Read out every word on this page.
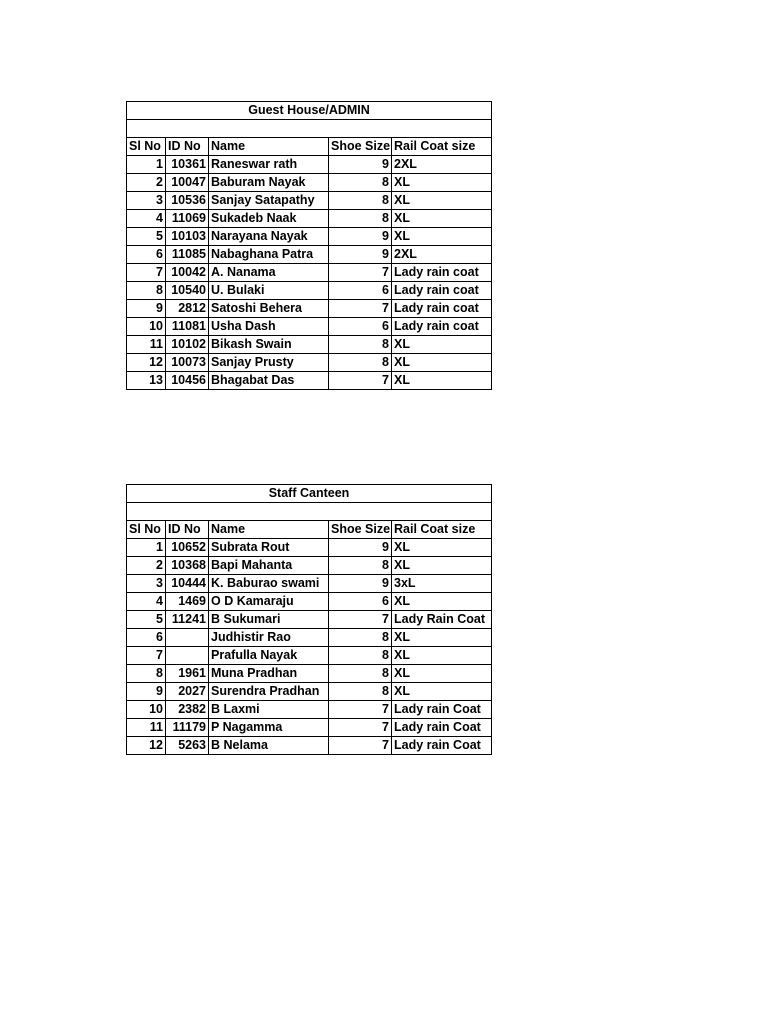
Guest House/ADMIN				

Sl No	ID No	Name	Shoe Size	Rail Coat size
1	10361	Raneswar rath	9	2XL
2	10047	Baburam Nayak	8	XL
3	10536	Sanjay Satapathy	8	XL
4	11069	Sukadeb Naak	8	XL
5	10103	Narayana Nayak	9	XL
6	11085	Nabaghana Patra	9	2XL
7	10042	A. Nanama	7	Lady rain coat
8	10540	U. Bulaki	6	Lady rain coat
9	2812	Satoshi Behera	7	Lady rain coat
10	11081	Usha Dash	6	Lady rain coat
11	10102	Bikash Swain	8	XL
12	10073	Sanjay Prusty	8	XL
13	10456	Bhagabat Das	7	XL
Staff Canteen				

Sl No	ID No	Name	Shoe Size	Rail Coat size
1	10652	Subrata Rout	9	XL
2	10368	Bapi Mahanta	8	XL
3	10444	K. Baburao swami	9	3xL
4	1469	O D Kamaraju	6	XL
5	11241	B Sukumari	7	Lady Rain Coat
6		Judhistir Rao	8	XL
7		Prafulla Nayak	8	XL
8	1961	Muna Pradhan	8	XL
9	2027	Surendra Pradhan	8	XL
10	2382	B Laxmi	7	Lady rain Coat
11	11179	P Nagamma	7	Lady rain Coat
12	5263	B Nelama	7	Lady rain Coat
